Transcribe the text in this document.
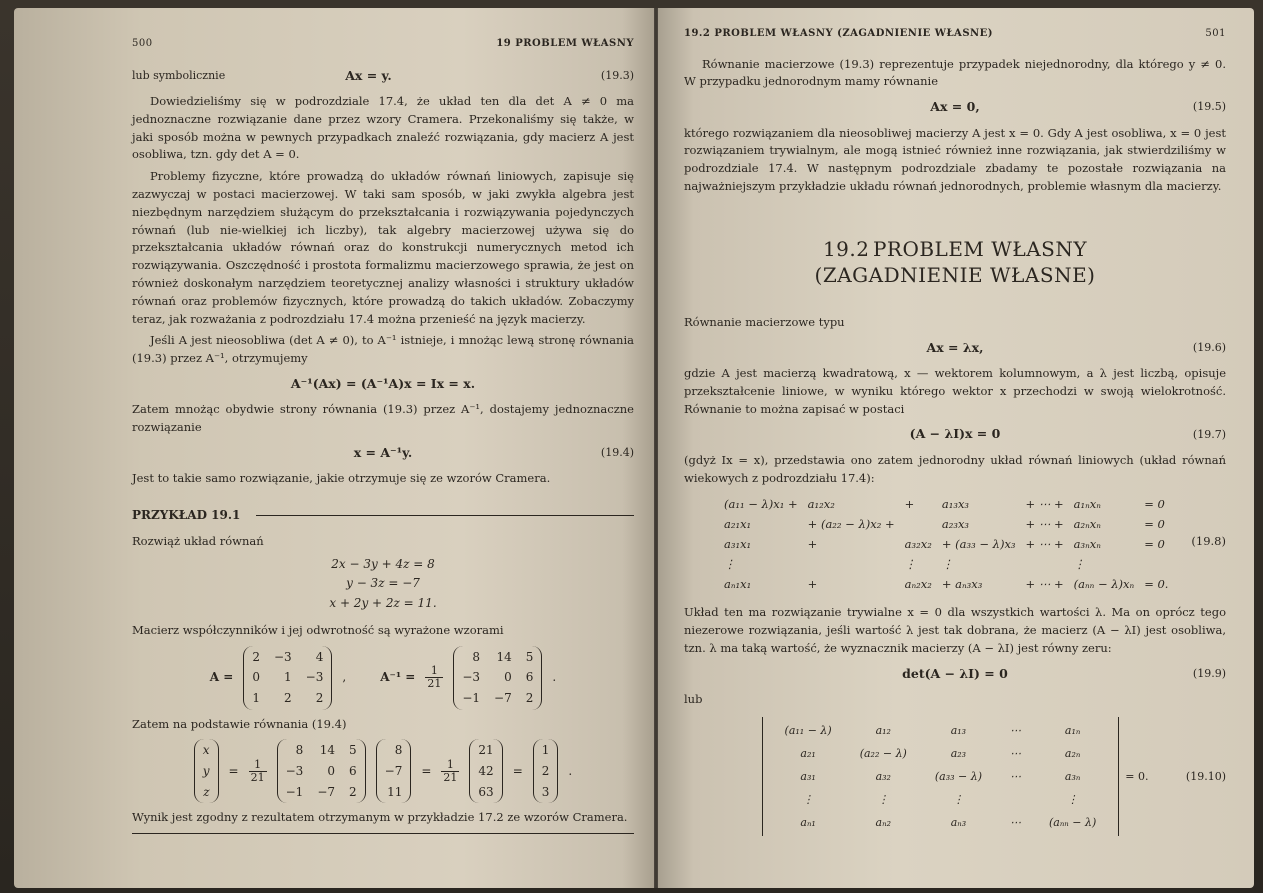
500	19 PROBLEM WŁASNY
lub symbolicznie	Ax = y.	(19.3)

Dowiedzieliśmy się w podrozdziale 17.4, że układ ten dla det A ≠ 0 ma jednoznaczne rozwiązanie dane przez wzory Cramera. Przekonaliśmy się także, w jaki sposób można w pewnych przypadkach znaleźć rozwiązania, gdy macierz A jest osobliwa, tzn. gdy det A = 0.

Problemy fizyczne, które prowadzą do układów równań liniowych, zapisuje się zazwyczaj w postaci macierzowej. W taki sam sposób, w jaki zwykła algebra jest niezbędnym narzędziem służącym do przekształcania i rozwiązywania pojedynczych równań (lub nie-wielkiej ich liczby), tak algebry macierzowej używa się do przekształcania układów równań oraz do konstrukcji numerycznych metod ich rozwiązywania. Oszczędność i prostota formalizmu macierzowego sprawia, że jest on również doskonałym narzędziem teoretycznej analizy własności i struktury układów równań oraz problemów fizycznych, które prowadzą do takich układów. Zobaczymy teraz, jak rozważania z podrozdziału 17.4 można przenieść na język macierzy.

Jeśli A jest nieosobliwa (det A ≠ 0), to A⁻¹ istnieje, i mnożąc lewą stronę równania (19.3) przez A⁻¹, otrzymujemy

A⁻¹(Ax) = (A⁻¹A)x = Ix = x.

Zatem mnożąc obydwie strony równania (19.3) przez A⁻¹, dostajemy jednoznaczne rozwiązanie

x = A⁻¹y.	(19.4)

Jest to takie samo rozwiązanie, jakie otrzymuje się ze wzorów Cramera.

PRZYKŁAD 19.1

Rozwiąż układ równań

2x − 3y + 4z = 8
y − 3z = −7
x + 2y + 2z = 11.

Macierz współczynników i jej odwrotność są wyrażone wzorami

A =
2 −3	4
0	1 −3
1	2	2
,	$A^{-1} = \frac{1}{21}$
8 14 5
−3	0 6
−1 −7 2
.

Zatem na podstawie równania (19.4)

x
y
z
= $\frac{1}{21}$
8 14 5
−3	0 6
−1 −7 2
8
−7
11
= $\frac{1}{21}$
21
42
63
=
1
2
3
.

Wynik jest zgodny z rezultatem otrzymanym w przykładzie 17.2 ze wzorów Cramera.

19.2 PROBLEM WŁASNY (ZAGADNIENIE WŁASNE)	501

Równanie macierzowe (19.3) reprezentuje przypadek niejednorodny, dla którego y ≠ 0. W przypadku jednorodnym mamy równanie

Ax = 0,	(19.5)

którego rozwiązaniem dla nieosobliwej macierzy A jest x = 0. Gdy A jest osobliwa, x = 0 jest rozwiązaniem trywialnym, ale mogą istnieć również inne rozwiązania, jak stwierdziliśmy w podrozdziale 17.4. W następnym podrozdziale zbadamy te pozostałe rozwiązania na najważniejszym przykładzie układu równań jednorodnych, problemie własnym dla macierzy.

19.2 PROBLEM WŁASNY
(ZAGADNIENIE WŁASNE)

Równanie macierzowe typu

Ax = λx,	(19.6)

gdzie A jest macierzą kwadratową, x — wektorem kolumnowym, a λ jest liczbą, opisuje przekształcenie liniowe, w wyniku którego wektor x przechodzi w swoją wielokrotność. Równanie to można zapisać w postaci

(A − λI)x = 0	(19.7)

(gdyż Ix = x), przedstawia ono zatem jednorodny układ równań liniowych (układ równań wiekowych z podrozdziału 17.4):

(a₁₁ − λ)x₁ +	a₁₂x₂	+	a₁₃x₃	+ ⋯ +	a₁ₙxₙ	= 0
a₂₁x₁	+ (a₂₂ − λ)x₂ +		a₂₃x₃	+ ⋯ +	a₂ₙxₙ	= 0
a₃₁x₁	+	a₃₂x₂	+ (a₃₃ − λ)x₃	+ ⋯ +	a₃ₙxₙ	= 0
⋮		⋮	⋮		⋮	
aₙ₁x₁	+	aₙ₂x₂	+ aₙ₃x₃	+ ⋯ +	(aₙₙ − λ)xₙ	= 0.
(19.8)

Układ ten ma rozwiązanie trywialne x = 0 dla wszystkich wartości λ. Ma on oprócz tego niezerowe rozwiązania, jeśli wartość λ jest tak dobrana, że macierz (A − λI) jest osobliwa, tzn. λ ma taką wartość, że wyznacznik macierzy (A − λI) jest równy zeru:

det(A − λI) = 0	(19.9)

lub

(a₁₁ − λ)	a₁₂	a₁₃	⋯	a₁ₙ
a₂₁	(a₂₂ − λ)	a₂₃	⋯	a₂ₙ
a₃₁	a₃₂	(a₃₃ − λ)	⋯	a₃ₙ
⋮	⋮	⋮		⋮
aₙ₁	aₙ₂	aₙ₃	⋯	(aₙₙ − λ)
= 0.	(19.10)
